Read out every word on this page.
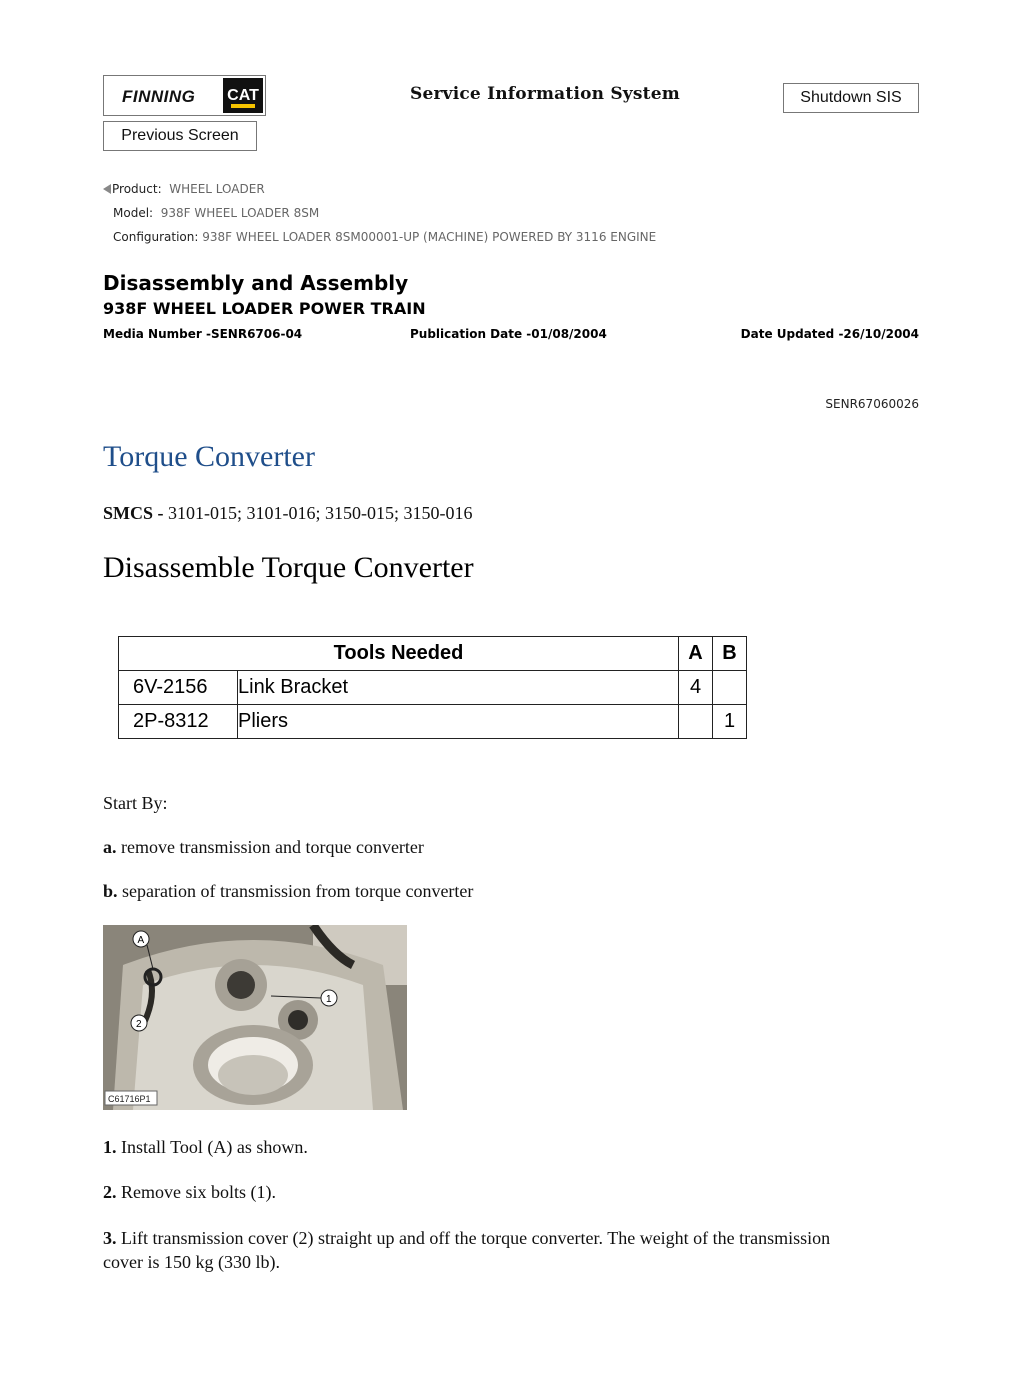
FINNING CAT	Service Information System	Shutdown SIS
Previous Screen
Product: WHEEL LOADER
Model: 938F WHEEL LOADER 8SM
Configuration: 938F WHEEL LOADER 8SM00001-UP (MACHINE) POWERED BY 3116 ENGINE
Disassembly and Assembly
938F WHEEL LOADER POWER TRAIN
Media Number -SENR6706-04	Publication Date -01/08/2004	Date Updated -26/10/2004
SENR67060026
Torque Converter
SMCS - 3101-015; 3101-016; 3150-015; 3150-016
Disassemble Torque Converter
Tools Needed		A	B
6V-2156	Link Bracket	4	
2P-8312	Pliers		1
Start By:
a. remove transmission and torque converter
b. separation of transmission from torque converter
A
1
2
C61716P1
1. Install Tool (A) as shown.
2. Remove six bolts (1).
3. Lift transmission cover (2) straight up and off the torque converter. The weight of the transmission cover is 150 kg (330 lb).
